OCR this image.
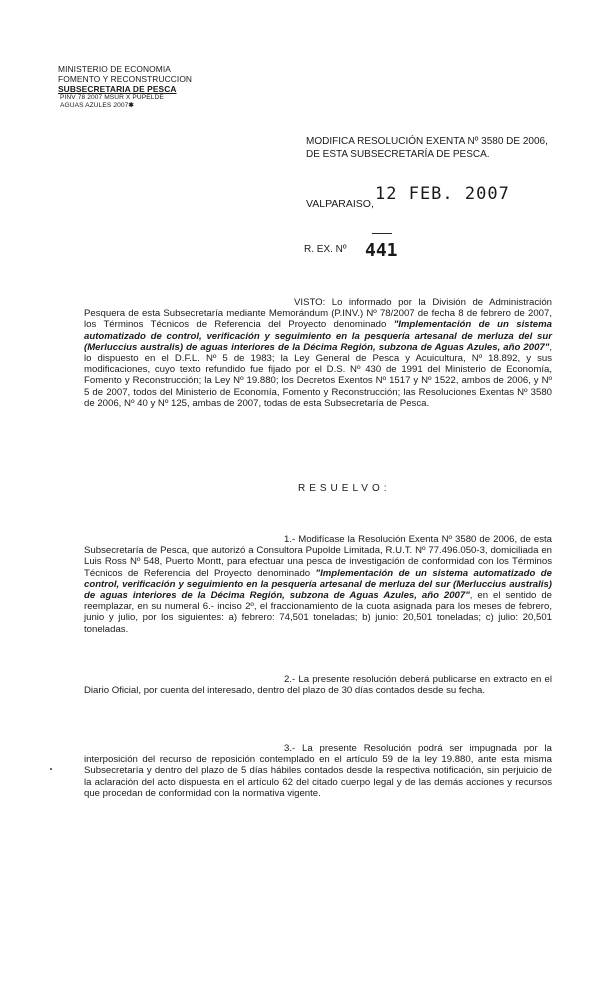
MINISTERIO DE ECONOMIA
FOMENTO Y RECONSTRUCCION
SUBSECRETARIA DE PESCA
PINV 78 2007 MSUR X PUPELDE
AGUAS AZULES 2007✱
MODIFICA RESOLUCIÓN EXENTA Nº 3580 DE 2006, DE ESTA SUBSECRETARÍA DE PESCA.
VALPARAISO, 12 FEB. 2007
R. EX. Nº 441
VISTO: Lo informado por la División de Administración Pesquera de esta Subsecretaría mediante Memorándum (P.INV.) Nº 78/2007 de fecha 8 de febrero de 2007, los Términos Técnicos de Referencia del Proyecto denominado "Implementación de un sistema automatizado de control, verificación y seguimiento en la pesquería artesanal de merluza del sur (Merluccius australis) de aguas interiores de la Décima Región, subzona de Aguas Azules, año 2007", lo dispuesto en el D.F.L. Nº 5 de 1983; la Ley General de Pesca y Acuicultura, Nº 18.892, y sus modificaciones, cuyo texto refundido fue fijado por el D.S. Nº 430 de 1991 del Ministerio de Economía, Fomento y Reconstrucción; la Ley Nº 19.880; los Decretos Exentos Nº 1517 y Nº 1522, ambos de 2006, y Nº 5 de 2007, todos del Ministerio de Economía, Fomento y Reconstrucción; las Resoluciones Exentas Nº 3580 de 2006, Nº 40 y Nº 125, ambas de 2007, todas de esta Subsecretaría de Pesca.
RESUELVO:
1.- Modifícase la Resolución Exenta Nº 3580 de 2006, de esta Subsecretaría de Pesca, que autorizó a Consultora Pupolde Limitada, R.U.T. Nº 77.496.050-3, domiciliada en Luis Ross Nº 548, Puerto Montt, para efectuar una pesca de investigación de conformidad con los Términos Técnicos de Referencia del Proyecto denominado "Implementación de un sistema automatizado de control, verificación y seguimiento en la pesquería artesanal de merluza del sur (Merluccius australis) de aguas interiores de la Décima Región, subzona de Aguas Azules, año 2007", en el sentido de reemplazar, en su numeral 6.- inciso 2º, el fraccionamiento de la cuota asignada para los meses de febrero, junio y julio, por los siguientes: a) febrero: 74,501 toneladas; b) junio: 20,501 toneladas; c) julio: 20,501 toneladas.
2.- La presente resolución deberá publicarse en extracto en el Diario Oficial, por cuenta del interesado, dentro del plazo de 30 días contados desde su fecha.
3.- La presente Resolución podrá ser impugnada por la interposición del recurso de reposición contemplado en el artículo 59 de la ley 19.880, ante esta misma Subsecretaría y dentro del plazo de 5 días hábiles contados desde la respectiva notificación, sin perjuicio de la aclaración del acto dispuesta en el artículo 62 del citado cuerpo legal y de las demás acciones y recursos que procedan de conformidad con la normativa vigente.
